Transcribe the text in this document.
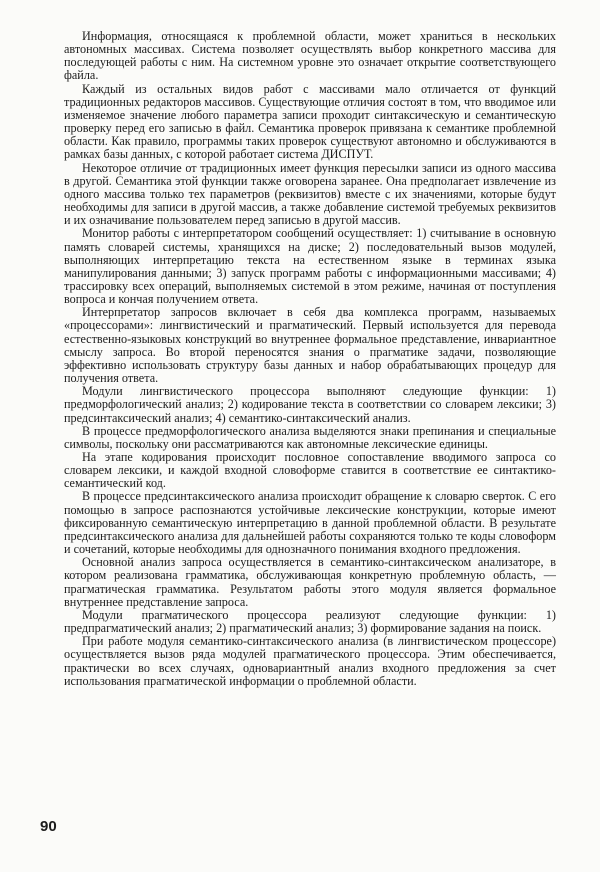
Информация, относящаяся к проблемной области, может храниться в нескольких автономных массивах. Система позволяет осуществлять выбор конкретного массива для последующей работы с ним. На системном уровне это означает открытие соответствующего файла.

Каждый из остальных видов работ с массивами мало отличается от функций традиционных редакторов массивов. Существующие отличия состоят в том, что вводимое или изменяемое значение любого параметра записи проходит синтаксическую и семантическую проверку перед его записью в файл. Семантика проверок привязана к семантике проблемной области. Как правило, программы таких проверок существуют автономно и обслуживаются в рамках базы данных, с которой работает система ДИСПУТ.

Некоторое отличие от традиционных имеет функция пересылки записи из одного массива в другой. Семантика этой функции также оговорена заранее. Она предполагает извлечение из одного массива только тех параметров (реквизитов) вместе с их значениями, которые будут необходимы для записи в другой массив, а также добавление системой требуемых реквизитов и их означивание пользователем перед записью в другой массив.

Монитор работы с интерпретатором сообщений осуществляет: 1) считывание в основную память словарей системы, хранящихся на диске; 2) последовательный вызов модулей, выполняющих интерпретацию текста на естественном языке в терминах языка манипулирования данными; 3) запуск программ работы с информационными массивами; 4) трассировку всех операций, выполняемых системой в этом режиме, начиная от поступления вопроса и кончая получением ответа.

Интерпретатор запросов включает в себя два комплекса программ, называемых «процессорами»: лингвистический и прагматический. Первый используется для перевода естественно-языковых конструкций во внутреннее формальное представление, инвариантное смыслу запроса. Во второй переносятся знания о прагматике задачи, позволяющие эффективно использовать структуру базы данных и набор обрабатывающих процедур для получения ответа.

Модули лингвистического процессора выполняют следующие функции: 1) предморфологический анализ; 2) кодирование текста в соответствии со словарем лексики; 3) предсинтаксический анализ; 4) семантико-синтаксический анализ.

В процессе предморфологического анализа выделяются знаки препинания и специальные символы, поскольку они рассматриваются как автономные лексические единицы.

На этапе кодирования происходит пословное сопоставление вводимого запроса со словарем лексики, и каждой входной словоформе ставится в соответствие ее синтактико-семантический код.

В процессе предсинтаксического анализа происходит обращение к словарю сверток. С его помощью в запросе распознаются устойчивые лексические конструкции, которые имеют фиксированную семантическую интерпретацию в данной проблемной области. В результате предсинтаксического анализа для дальнейшей работы сохраняются только те коды словоформ и сочетаний, которые необходимы для однозначного понимания входного предложения.

Основной анализ запроса осуществляется в семантико-синтаксическом анализаторе, в котором реализована грамматика, обслуживающая конкретную проблемную область, — прагматическая грамматика. Результатом работы этого модуля является формальное внутреннее представление запроса.

Модули прагматического процессора реализуют следующие функции: 1) предпрагматический анализ; 2) прагматический анализ; 3) формирование задания на поиск.

При работе модуля семантико-синтаксического анализа (в лингвистическом процессоре) осуществляется вызов ряда модулей прагматического процессора. Этим обеспечивается, практически во всех случаях, одновариантный анализ входного предложения за счет использования прагматической информации о проблемной области.

90
